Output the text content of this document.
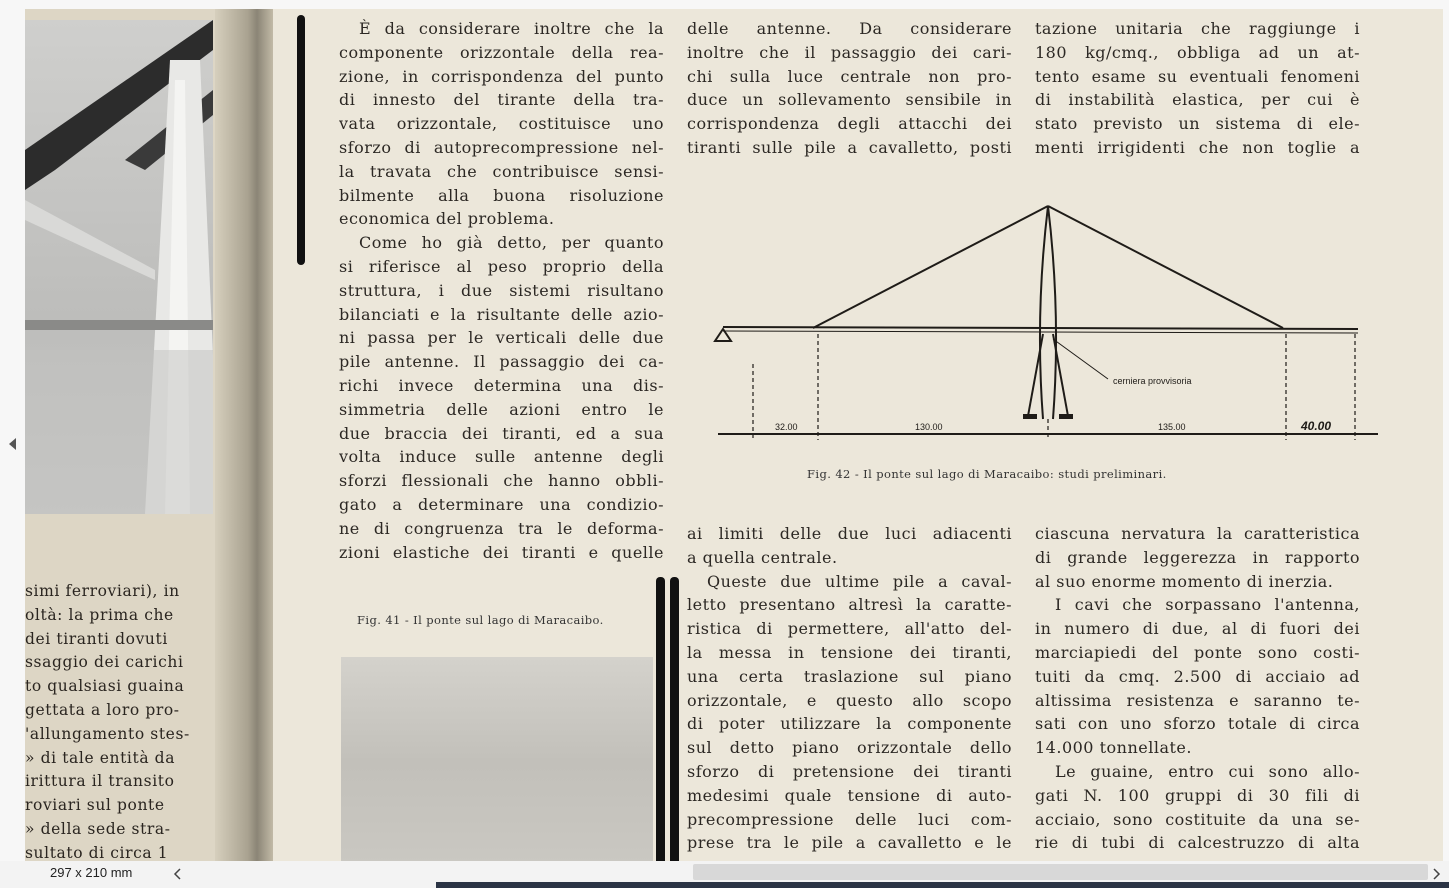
simi ferroviari), in
oltà: la prima che
dei tiranti dovuti
ssaggio dei carichi
to qualsiasi guaina
gettata a loro pro-
'allungamento stes-
» di tale entità da
irittura il transito
roviari sul ponte
» della sede stra-
sultato di circa 1
È da considerare inoltre che la
componente orizzontale della rea-
zione, in corrispondenza del punto
di innesto del tirante della tra-
vata orizzontale, costituisce uno
sforzo di autoprecompressione nel-
la travata che contribuisce sensi-
bilmente alla buona risoluzione
economica del problema.
Come ho già detto, per quanto
si riferisce al peso proprio della
struttura, i due sistemi risultano
bilanciati e la risultante delle azio-
ni passa per le verticali delle due
pile antenne. Il passaggio dei ca-
richi invece determina una dis-
simmetria delle azioni entro le
due braccia dei tiranti, ed a sua
volta induce sulle antenne degli
sforzi flessionali che hanno obbli-
gato a determinare una condizio-
ne di congruenza tra le deforma-
zioni elastiche dei tiranti e quelle
Fig. 41 - Il ponte sul lago di Maracaibo.
delle antenne. Da considerare
inoltre che il passaggio dei cari-
chi sulla luce centrale non pro-
duce un sollevamento sensibile in
corrispondenza degli attacchi dei
tiranti sulle pile a cavalletto, posti
tazione unitaria che raggiunge i
180 kg/cmq., obbliga ad un at-
tento esame su eventuali fenomeni
di instabilità elastica, per cui è
stato previsto un sistema di ele-
menti irrigidenti che non toglie a
cerniera provvisoria
32.00	130.00	135.00	40.00
Fig. 42 - Il ponte sul lago di Maracaibo: studi preliminari.
ai limiti delle due luci adiacenti
a quella centrale.
Queste due ultime pile a caval-
letto presentano altresì la caratte-
ristica di permettere, all'atto del-
la messa in tensione dei tiranti,
una certa traslazione sul piano
orizzontale, e questo allo scopo
di poter utilizzare la componente
sul detto piano orizzontale dello
sforzo di pretensione dei tiranti
medesimi quale tensione di auto-
precompressione delle luci com-
prese tra le pile a cavalletto e le
ciascuna nervatura la caratteristica
di grande leggerezza in rapporto
al suo enorme momento di inerzia.
I cavi che sorpassano l'antenna,
in numero di due, al di fuori dei
marciapiedi del ponte sono costi-
tuiti da cmq. 2.500 di acciaio ad
altissima resistenza e saranno te-
sati con uno sforzo totale di circa
14.000 tonnellate.
Le guaine, entro cui sono allo-
gati N. 100 gruppi di 30 fili di
acciaio, sono costituite da una se-
rie di tubi di calcestruzzo di alta
297 x 210 mm
